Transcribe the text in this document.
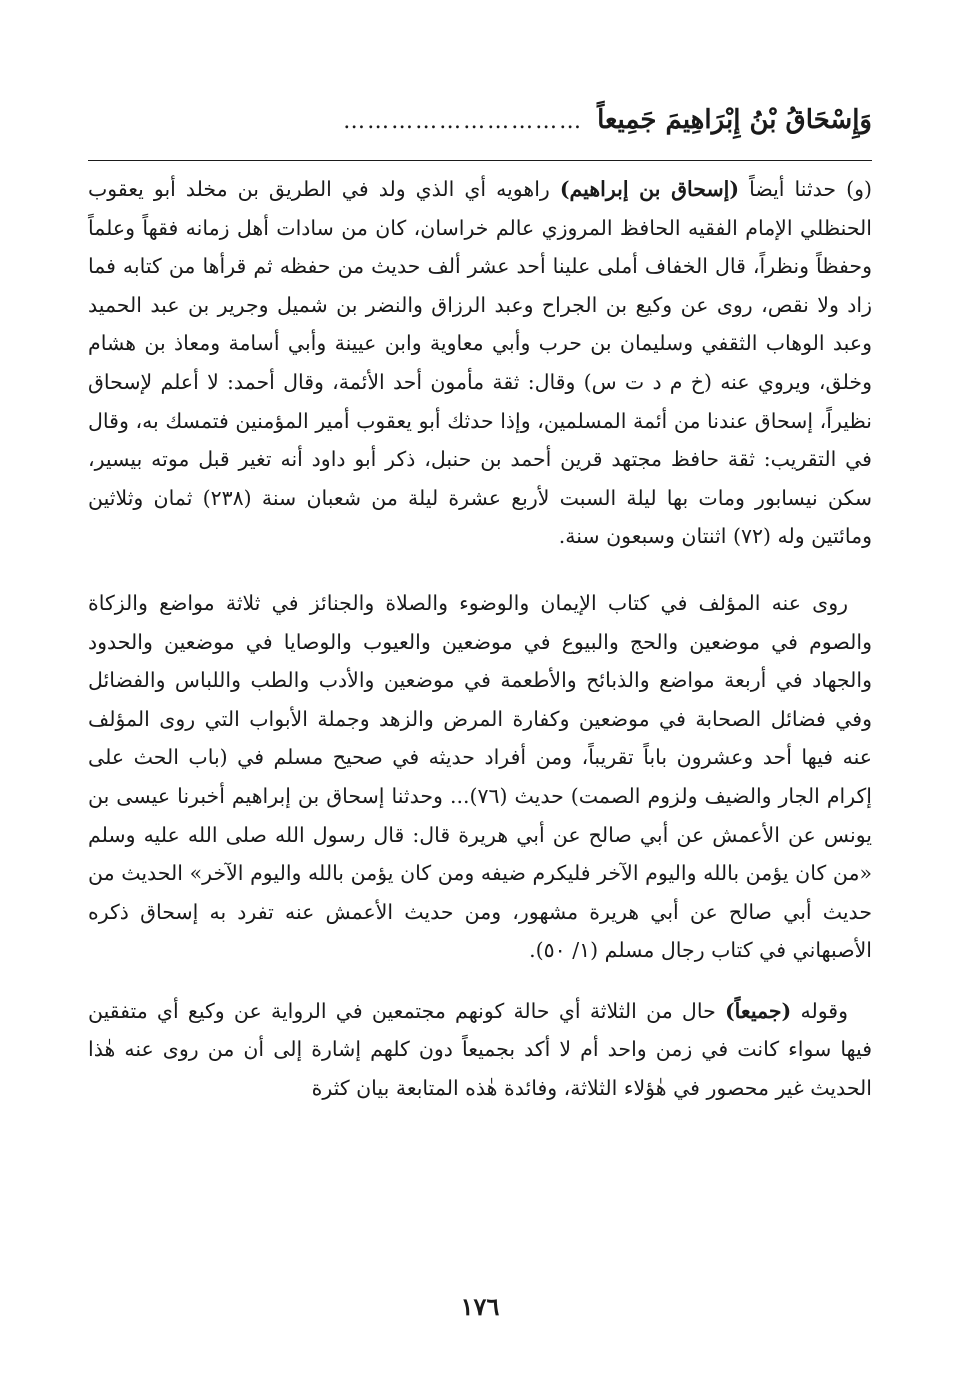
وَإِسْحَاقُ بْنُ إِبْرَاهِيمَ جَمِيعاً
…………………………

(و) حدثنا أيضاً (إسحاق بن إبراهيم) راهويه أي الذي ولد في الطريق بن مخلد أبو يعقوب الحنظلي الإمام الفقيه الحافظ المروزي عالم خراسان، كان من سادات أهل زمانه فقهاً وعلماً وحفظاً ونظراً، قال الخفاف أملى علينا أحد عشر ألف حديث من حفظه ثم قرأها من كتابه فما زاد ولا نقص، روى عن وكيع بن الجراح وعبد الرزاق والنضر بن شميل وجرير بن عبد الحميد وعبد الوهاب الثقفي وسليمان بن حرب وأبي معاوية وابن عيينة وأبي أسامة ومعاذ بن هشام وخلق، ويروي عنه (خ م د ت س) وقال: ثقة مأمون أحد الأئمة، وقال أحمد: لا أعلم لإسحاق نظيراً، إسحاق عندنا من أئمة المسلمين، وإذا حدثك أبو يعقوب أمير المؤمنين فتمسك به، وقال في التقريب: ثقة حافظ مجتهد قرين أحمد بن حنبل، ذكر أبو داود أنه تغير قبل موته بيسير، سكن نيسابور ومات بها ليلة السبت لأربع عشرة ليلة من شعبان سنة (٢٣٨) ثمان وثلاثين ومائتين وله (٧٢) اثنتان وسبعون سنة.

روى عنه المؤلف في كتاب الإيمان والوضوء والصلاة والجنائز في ثلاثة مواضع والزكاة والصوم في موضعين والحج والبيوع في موضعين والعيوب والوصايا في موضعين والحدود والجهاد في أربعة مواضع والذبائح والأطعمة في موضعين والأدب والطب واللباس والفضائل وفي فضائل الصحابة في موضعين وكفارة المرض والزهد وجملة الأبواب التي روى المؤلف عنه فيها أحد وعشرون باباً تقريباً، ومن أفراد حديثه في صحيح مسلم في (باب الحث على إكرام الجار والضيف ولزوم الصمت) حديث (٧٦)... وحدثنا إسحاق بن إبراهيم أخبرنا عيسى بن يونس عن الأعمش عن أبي صالح عن أبي هريرة قال: قال رسول الله صلى الله عليه وسلم «من كان يؤمن بالله واليوم الآخر فليكرم ضيفه ومن كان يؤمن بالله واليوم الآخر» الحديث من حديث أبي صالح عن أبي هريرة مشهور، ومن حديث الأعمش عنه تفرد به إسحاق ذكره الأصبهاني في كتاب رجال مسلم (١/ ٥٠).

وقوله (جميعاً) حال من الثلاثة أي حالة كونهم مجتمعين في الرواية عن وكيع أي متفقين فيها سواء كانت في زمن واحد أم لا أكد بجميعاً دون كلهم إشارة إلى أن من روى عنه هٰذا الحديث غير محصور في هٰؤلاء الثلاثة، وفائدة هٰذه المتابعة بيان كثرة

١٧٦
